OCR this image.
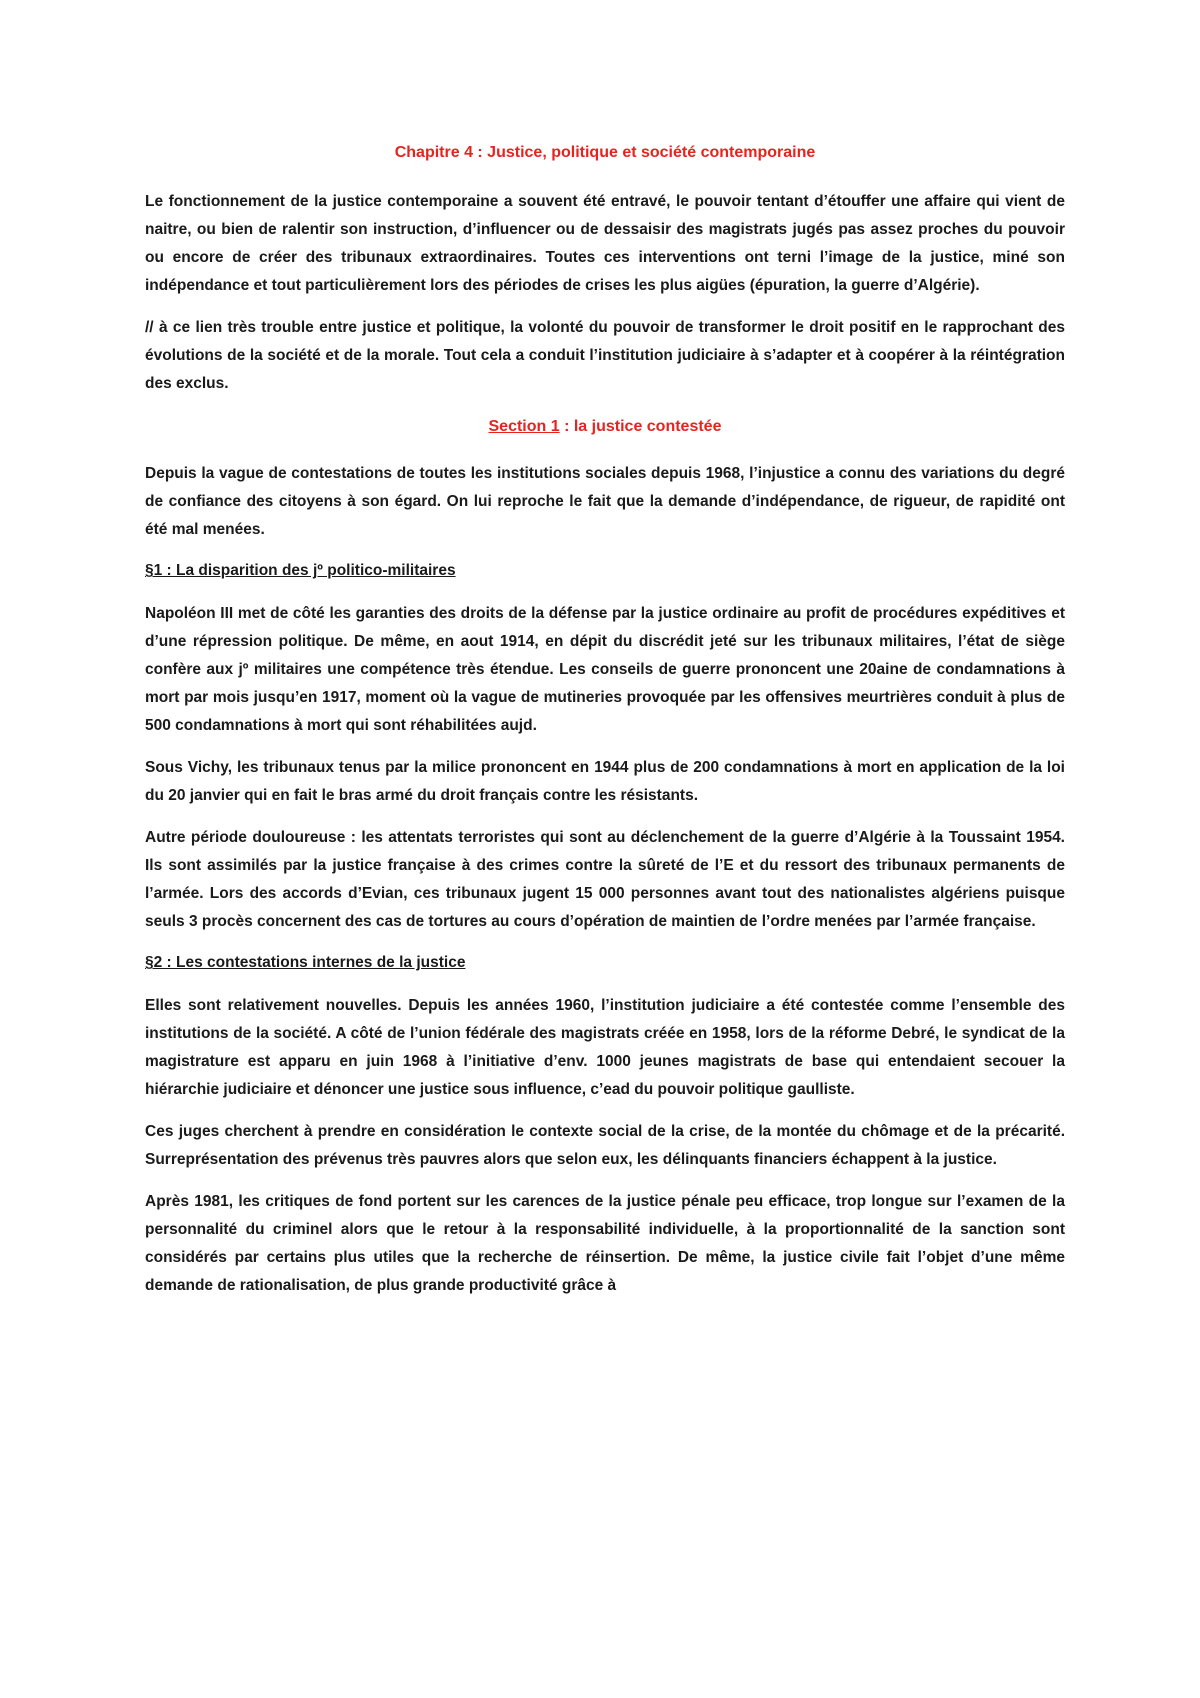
Chapitre 4 : Justice, politique et société contemporaine

Le fonctionnement de la justice contemporaine a souvent été entravé, le pouvoir tentant d’étouffer une affaire qui vient de naitre, ou bien de ralentir son instruction, d’influencer ou de dessaisir des magistrats jugés pas assez proches du pouvoir ou encore de créer des tribunaux extraordinaires. Toutes ces interventions ont terni l’image de la justice, miné son indépendance et tout particulièrement lors des périodes de crises les plus aigües (épuration, la guerre d’Algérie).

// à ce lien très trouble entre justice et politique, la volonté du pouvoir de transformer le droit positif en le rapprochant des évolutions de la société et de la morale. Tout cela a conduit l’institution judiciaire à s’adapter et à coopérer à la réintégration des exclus.

Section 1 : la justice contestée

Depuis la vague de contestations de toutes les institutions sociales depuis 1968, l’injustice a connu des variations du degré de confiance des citoyens à son égard. On lui reproche le fait que la demande d’indépendance, de rigueur, de rapidité ont été mal menées.

§1 : La disparition des jº politico-militaires

Napoléon III met de côté les garanties des droits de la défense par la justice ordinaire au profit de procédures expéditives et d’une répression politique. De même, en aout 1914, en dépit du discrédit jeté sur les tribunaux militaires, l’état de siège confère aux jº militaires une compétence très étendue. Les conseils de guerre prononcent une 20aine de condamnations à mort par mois jusqu’en 1917, moment où la vague de mutineries provoquée par les offensives meurtrières conduit à plus de 500 condamnations à mort qui sont réhabilitées aujd.

Sous Vichy, les tribunaux tenus par la milice prononcent en 1944 plus de 200 condamnations à mort en application de la loi du 20 janvier qui en fait le bras armé du droit français contre les résistants.

Autre période douloureuse : les attentats terroristes qui sont au déclenchement de la guerre d’Algérie à la Toussaint 1954. Ils sont assimilés par la justice française à des crimes contre la sûreté de l’E et du ressort des tribunaux permanents de l’armée. Lors des accords d’Evian, ces tribunaux jugent 15 000 personnes avant tout des nationalistes algériens puisque seuls 3 procès concernent des cas de tortures au cours d’opération de maintien de l’ordre menées par l’armée française.

§2 : Les contestations internes de la justice

Elles sont relativement nouvelles. Depuis les années 1960, l’institution judiciaire a été contestée comme l’ensemble des institutions de la société. A côté de l’union fédérale des magistrats créée en 1958, lors de la réforme Debré, le syndicat de la magistrature est apparu en juin 1968 à l’initiative d’env. 1000 jeunes magistrats de base qui entendaient secouer la hiérarchie judiciaire et dénoncer une justice sous influence, c’ead du pouvoir politique gaulliste.

Ces juges cherchent à prendre en considération le contexte social de la crise, de la montée du chômage et de la précarité. Surreprésentation des prévenus très pauvres alors que selon eux, les délinquants financiers échappent à la justice.

Après 1981, les critiques de fond portent sur les carences de la justice pénale peu efficace, trop longue sur l’examen de la personnalité du criminel alors que le retour à la responsabilité individuelle, à la proportionnalité de la sanction sont considérés par certains plus utiles que la recherche de réinsertion. De même, la justice civile fait l’objet d’une même demande de rationalisation, de plus grande productivité grâce à
